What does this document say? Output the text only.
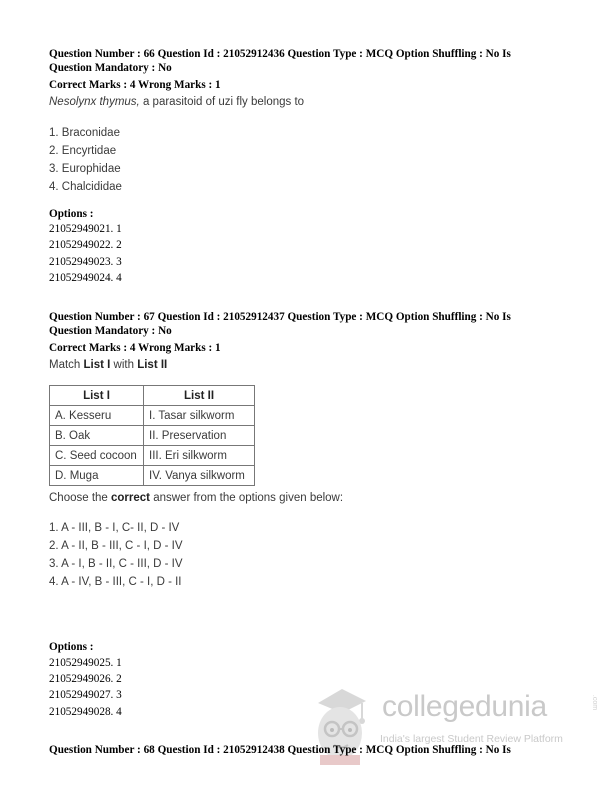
Question Number : 66 Question Id : 21052912436 Question Type : MCQ Option Shuffling : No Is
Question Mandatory : No
Correct Marks : 4 Wrong Marks : 1
Nesolynx thymus, a parasitoid of uzi fly belongs to
1. Braconidae
2. Encyrtidae
3. Europhidae
4. Chalcididae
Options :
21052949021. 1
21052949022. 2
21052949023. 3
21052949024. 4
Question Number : 67 Question Id : 21052912437 Question Type : MCQ Option Shuffling : No Is
Question Mandatory : No
Correct Marks : 4 Wrong Marks : 1
Match List I with List II
List I	List II
A. Kesseru	I. Tasar silkworm
B. Oak	II. Preservation
C. Seed cocoon	III. Eri silkworm
D. Muga	IV. Vanya silkworm
Choose the correct answer from the options given below:
1. A - III, B - I, C- II, D - IV
2. A - II, B - III, C - I, D - IV
3. A - I, B - II, C - III, D - IV
4. A - IV, B - III, C - I, D - II
Options :
21052949025. 1
21052949026. 2
21052949027. 3
21052949028. 4	collegedunia	.com
India's largest Student Review Platform
Question Number : 68 Question Id : 21052912438 Question Type : MCQ Option Shuffling : No Is
